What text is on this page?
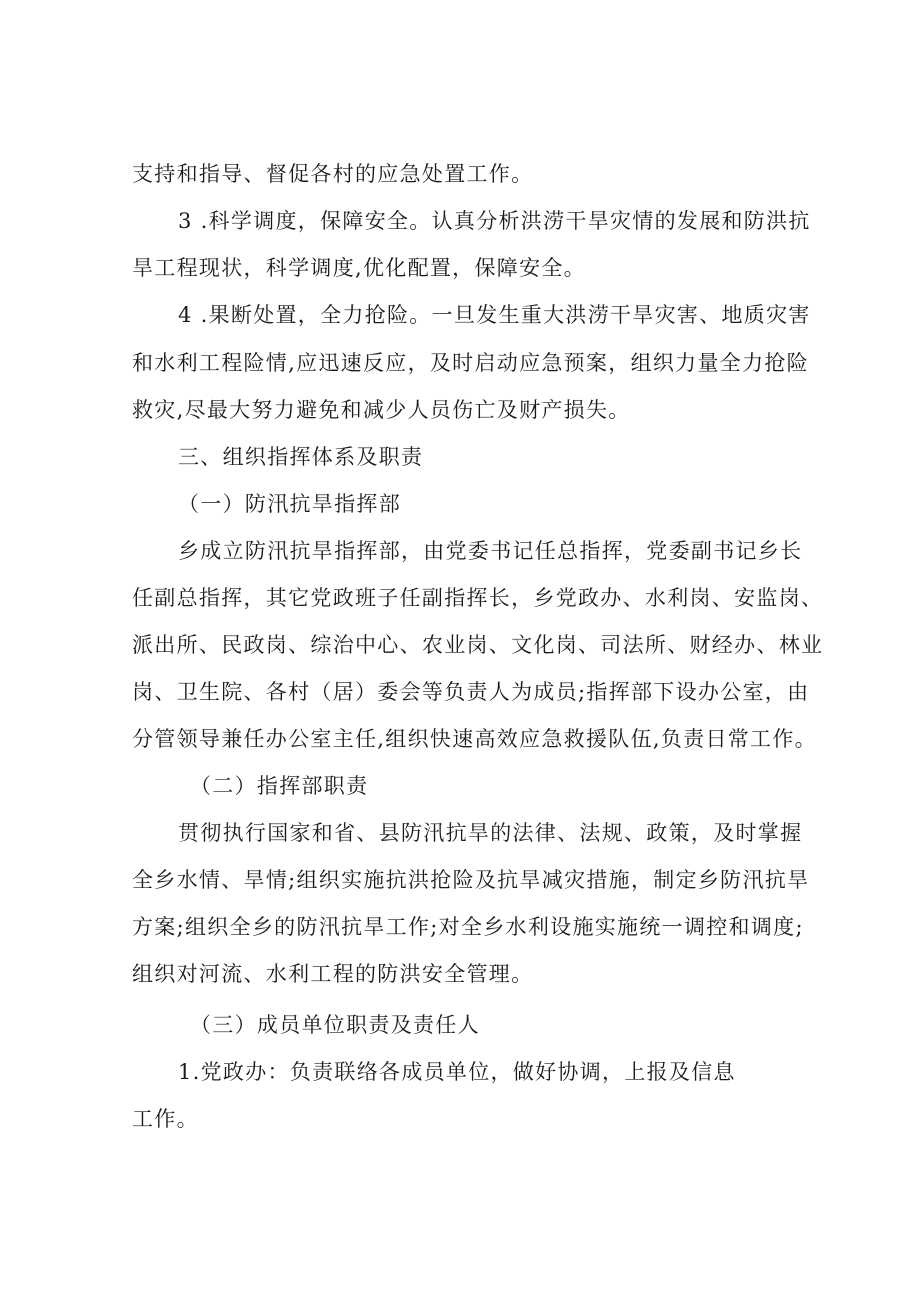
支持和指导、督促各村的应急处置工作。
3 .科学调度，保障安全。认真分析洪涝干旱灾情的发展和防洪抗
旱工程现状，科学调度,优化配置，保障安全。
4 .果断处置，全力抢险。一旦发生重大洪涝干旱灾害、地质灾害
和水利工程险情,应迅速反应，及时启动应急预案，组织力量全力抢险
救灾,尽最大努力避免和减少人员伤亡及财产损失。
三、组织指挥体系及职责
（一）防汛抗旱指挥部
乡成立防汛抗旱指挥部，由党委书记任总指挥，党委副书记乡长
任副总指挥，其它党政班子任副指挥长，乡党政办、水利岗、安监岗、
派出所、民政岗、综治中心、农业岗、文化岗、司法所、财经办、林业
岗、卫生院、各村（居）委会等负责人为成员;指挥部下设办公室，由
分管领导兼任办公室主任,组织快速高效应急救援队伍,负责日常工作。
（二）指挥部职责
贯彻执行国家和省、县防汛抗旱的法律、法规、政策，及时掌握
全乡水情、旱情;组织实施抗洪抢险及抗旱减灾措施，制定乡防汛抗旱
方案;组织全乡的防汛抗旱工作;对全乡水利设施实施统一调控和调度;
组织对河流、水利工程的防洪安全管理。
（三）成员单位职责及责任人
1.党政办：负责联络各成员单位，做好协调，上报及信息
工作。
